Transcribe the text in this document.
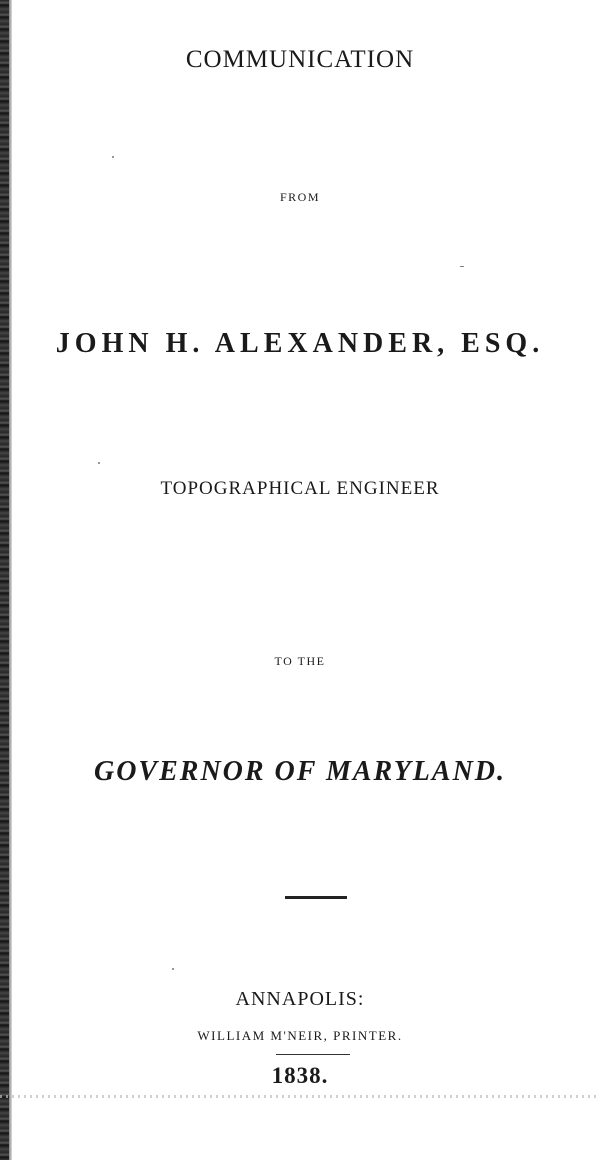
COMMUNICATION
FROM
JOHN H. ALEXANDER, ESQ.
TOPOGRAPHICAL ENGINEER
TO THE
GOVERNOR OF MARYLAND.
ANNAPOLIS:
WILLIAM M'NEIR, PRINTER.
1838.
